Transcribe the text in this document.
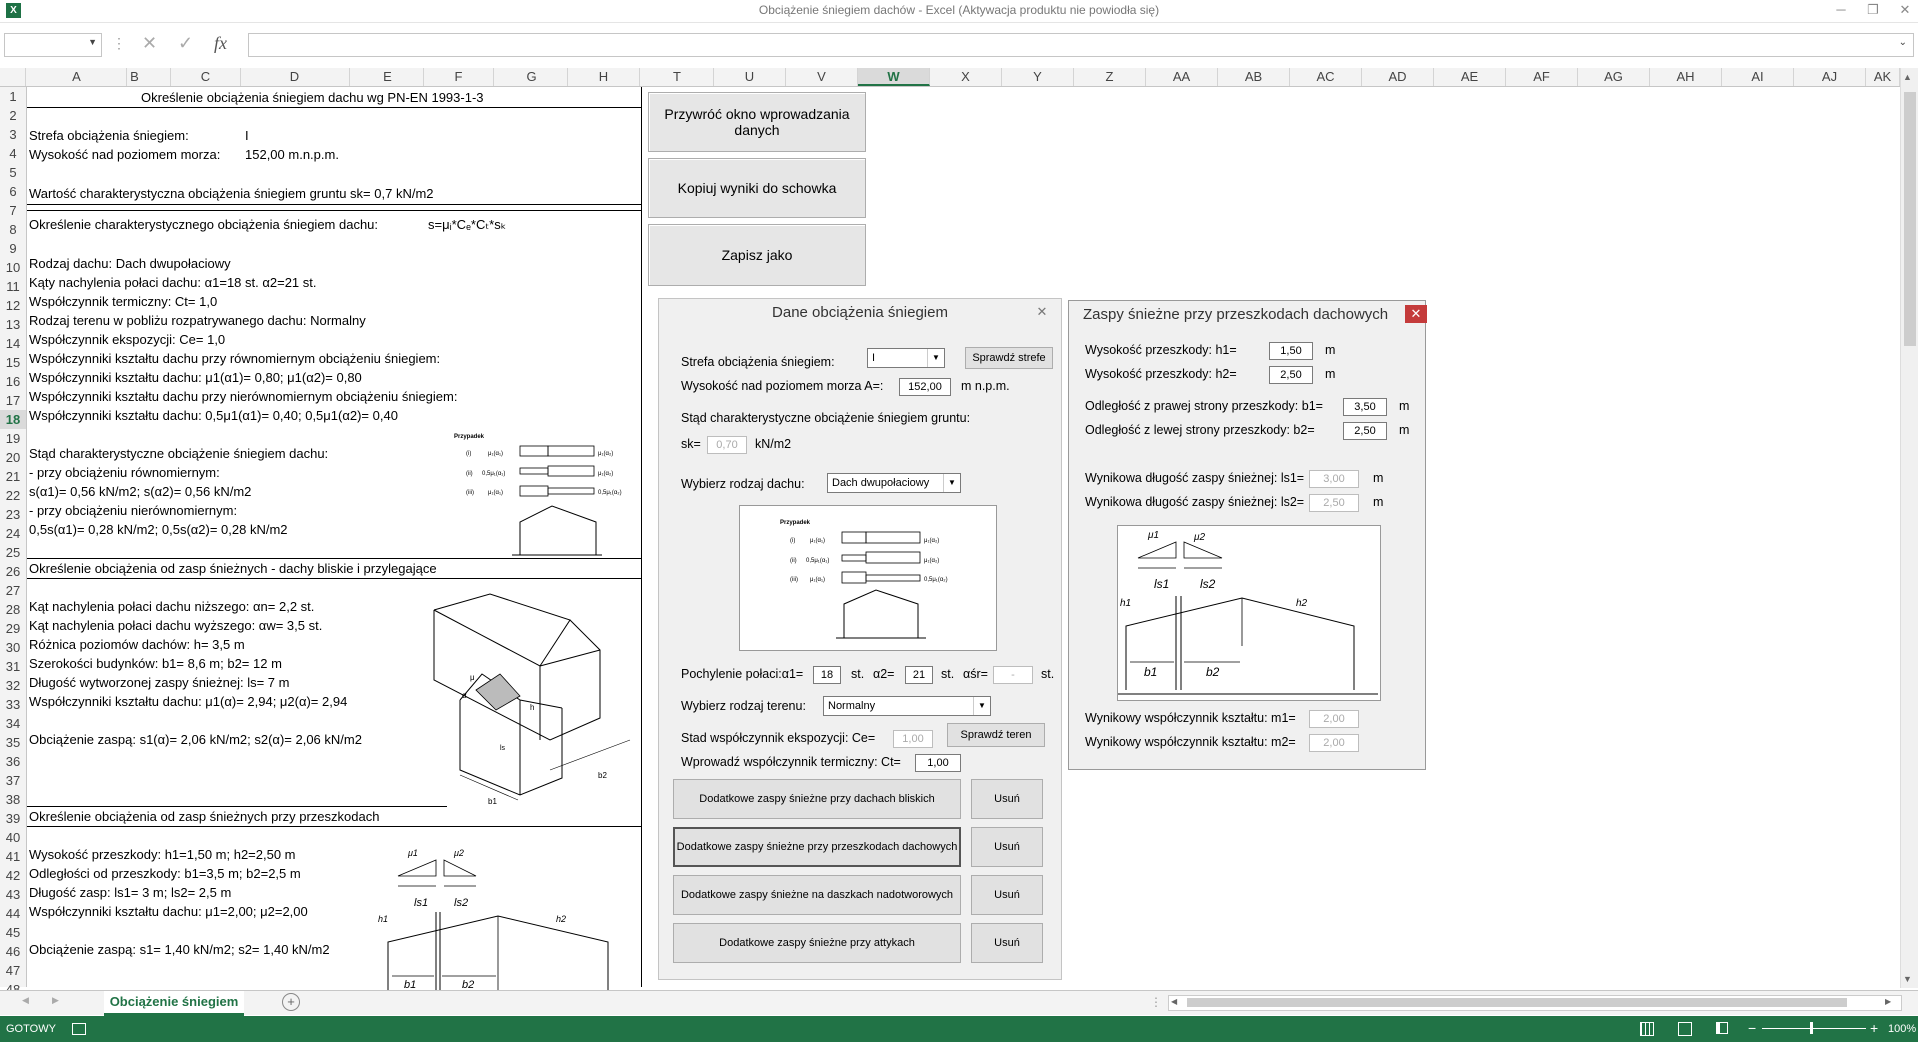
X	Obciążenie śniegiem dachów - Excel (Aktywacja produktu nie powiodła się)	─	❐	✕
▼ ⋮ ✕ ✓ fx	⌄
A	B	C	D	E	F	G	H	T	U	V	W	X	Y	Z	AA	AB	AC	AD	AE	AF	AG	AH	AI	AJ	AK
1
2
3
4
5
6
7
8
9
10
11
12
13
14
15
16
17
18
19
20
21
22
23
24
25
26
27
28
29
30
31
32
33
34
35
36
37
38
39
40
41
42
43
44
45
46
47
Określenie obciążenia śniegiem dachu wg PN-EN 1993-1-3
Strefa obciążenia śniegiem:	I
Wysokość nad poziomem morza: 152,00 m.n.p.m.
Wartość charakterystyczna obciążenia śniegiem gruntu sk= 0,7 kN/m2
Określenie charakterystycznego obciążenia śniegiem dachu:	s=μᵢ*Cₑ*Cₜ*sₖ
Rodzaj dachu: Dach dwupołaciowy
Kąty nachylenia połaci dachu: α1=18 st. α2=21 st.
Współczynnik termiczny: Ct= 1,0
Rodzaj terenu w pobliżu rozpatrywanego dachu: Normalny
Współczynnik ekspozycji: Ce= 1,0
Współczynniki kształtu dachu przy równomiernym obciążeniu śniegiem:
Współczynniki kształtu dachu: μ1(α1)= 0,80; μ1(α2)= 0,80
Współczynniki kształtu dachu przy nierównomiernym obciążeniu śniegiem:
Współczynniki kształtu dachu: 0,5μ1(α1)= 0,40; 0,5μ1(α2)= 0,40
Stąd charakterystyczne obciążenie śniegiem dachu:
- przy obciążeniu równomiernym:
s(α1)= 0,56 kN/m2; s(α2)= 0,56 kN/m2
- przy obciążeniu nierównomiernym:
0,5s(α1)= 0,28 kN/m2; 0,5s(α2)= 0,28 kN/m2
Określenie obciążenia od zasp śnieżnych - dachy bliskie i przylegające
Kąt nachylenia połaci dachu niższego: αn= 2,2 st.
Kąt nachylenia połaci dachu wyższego: αw= 3,5 st.
Różnica poziomów dachów: h= 3,5 m
Szerokości budynków: b1= 8,6 m; b2= 12 m
Długość wytworzonej zaspy śnieżnej: ls= 7 m
Współczynniki kształtu dachu: μ1(α)= 2,94; μ2(α)= 2,94
Obciążenie zaspą: s1(α)= 2,06 kN/m2; s2(α)= 2,06 kN/m2
Określenie obciążenia od zasp śnieżnych przy przeszkodach
Wysokość przeszkody: h1=1,50 m; h2=2,50 m
Odległości od przeszkody: b1=3,5 m; b2=2,5 m
Długość zasp: ls1= 3 m; ls2= 2,5 m
Współczynniki kształtu dachu: μ1=2,00; μ2=2,00
Obciążenie zaspą: s1= 1,40 kN/m2; s2= 1,40 kN/m2
Przypadek
(i)
(ii)
(iii)
μ₁(α₁)
0,5μ₁(α₁)
μ₁(α₁)
μ₁(α₂)
μ₁(α₂)
0,5μ₁(α₂)
α
μ
h
ls
b1
b2
μ1	μ2
ls1 ls2
h1	h2
b1	b2
Przywróć okno wprowadzania danych
Kopiuj wyniki do schowka
Zapisz jako
Dane obciążenia śniegiem	✕
Strefa obciążenia śniegiem:	I	▼	Sprawdź strefe
Wysokość nad poziomem morza A=:	152,00	m n.p.m.
Stąd charakterystyczne obciążenie śniegiem gruntu:
sk=	0,70	kN/m2
Wybierz rodzaj dachu:	Dach dwupołaciowy	▼
Przypadek
(i)
(ii)
(iii)
μ₁(α₁)
0,5μ₁(α₁)
μ₁(α₁)
μ₁(α₂)
μ₁(α₂)
0,5μ₁(α₂)
Pochylenie połaci:α1=	18	st. α2=	21	st. αśr=	-	st.
Wybierz rodzaj terenu:	Normalny	▼
Stad współczynnik ekspozycji: Ce=	1,00	Sprawdź teren
Wprowadź współczynnik termiczny: Ct=	1,00
Dodatkowe zaspy śnieżne przy dachach bliskich	Usuń
Dodatkowe zaspy śnieżne przy przeszkodach dachowych	Usuń
Dodatkowe zaspy śnieżne na daszkach nadotworowych	Usuń
Dodatkowe zaspy śnieżne przy attykach	Usuń
Zaspy śnieżne przy przeszkodach dachowych	✕
Wysokość przeszkody: h1=	1,50	m
Wysokość przeszkody: h2=	2,50	m
Odległość z prawej strony przeszkody: b1=	3,50	m
Odległość z lewej strony przeszkody: b2=	2,50	m
Wynikowa długość zaspy śnieżnej: ls1=	3,00	m
Wynikowa długość zaspy śnieżnej: ls2=	2,50	m
μ1	μ2
ls1	ls2
h1	h2
b1	b2
Wynikowy współczynnik kształtu: m1=	2,00
Wynikowy współczynnik kształtu: m2=	2,00
▲
▼
◀	▶	Obciążenie śniegiem	+	⋮ ◀	▶
GOTOWY	−	+ 100%
